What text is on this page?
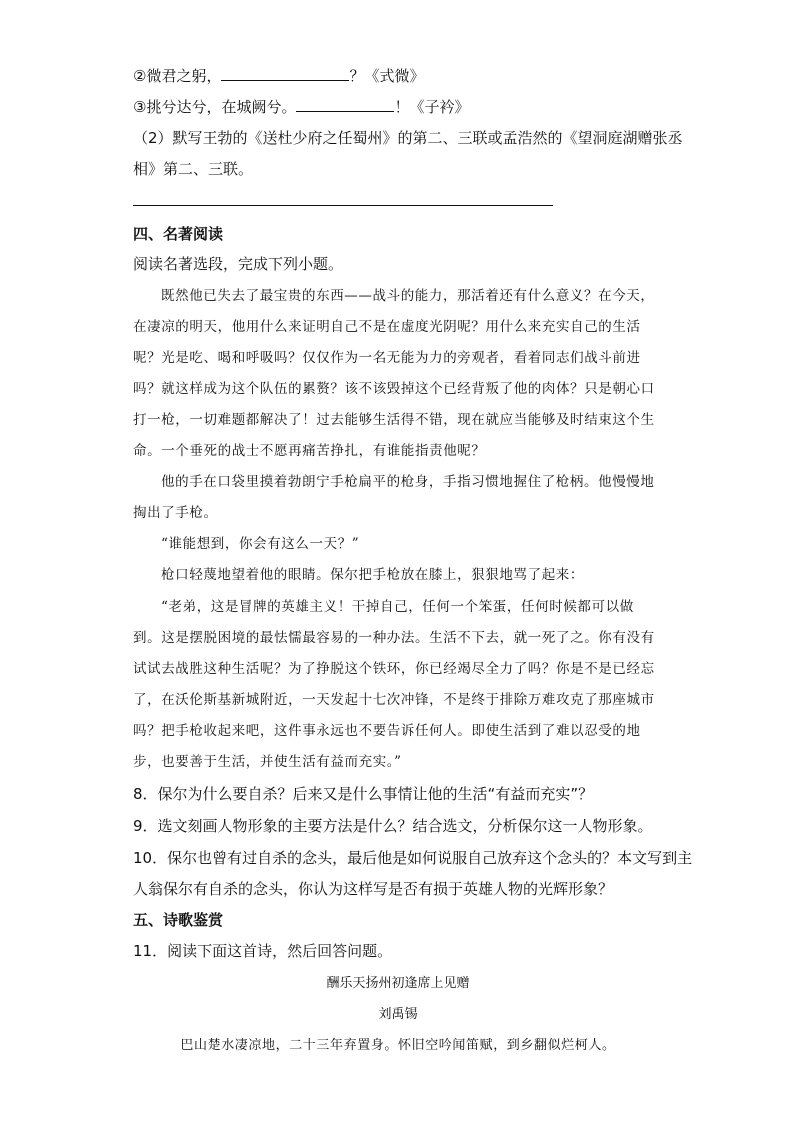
②微君之躬，	？《式微》
③挑兮达兮，在城阙兮。	！《子衿》
（2）默写王勃的《送杜少府之任蜀州》的第二、三联或孟浩然的《望洞庭湖赠张丞
相》第二、三联。
四、名著阅读
阅读名著选段，完成下列小题。
既然他已失去了最宝贵的东西——战斗的能力，那活着还有什么意义？在今天，
在凄凉的明天，他用什么来证明自己不是在虚度光阴呢？用什么来充实自己的生活
呢？光是吃、喝和呼吸吗？仅仅作为一名无能为力的旁观者，看着同志们战斗前进
吗？就这样成为这个队伍的累赘？该不该毁掉这个已经背叛了他的肉体？只是朝心口
打一枪，一切难题都解决了！过去能够生活得不错，现在就应当能够及时结束这个生
命。一个垂死的战士不愿再痛苦挣扎，有谁能指责他呢？
他的手在口袋里摸着勃朗宁手枪扁平的枪身，手指习惯地握住了枪柄。他慢慢地
掏出了手枪。
“谁能想到，你会有这么一天？”
枪口轻蔑地望着他的眼睛。保尔把手枪放在膝上，狠狠地骂了起来：
“老弟，这是冒牌的英雄主义！干掉自己，任何一个笨蛋，任何时候都可以做
到。这是摆脱困境的最怯懦最容易的一种办法。生活不下去，就一死了之。你有没有
试试去战胜这种生活呢？为了挣脱这个铁环，你已经竭尽全力了吗？你是不是已经忘
了，在沃伦斯基新城附近，一天发起十七次冲锋，不是终于排除万难攻克了那座城市
吗？把手枪收起来吧，这件事永远也不要告诉任何人。即使生活到了难以忍受的地
步，也要善于生活，并使生活有益而充实。”
8．保尔为什么要自杀？后来又是什么事情让他的生活“有益而充实”？
9．选文刻画人物形象的主要方法是什么？结合选文，分析保尔这一人物形象。
10．保尔也曾有过自杀的念头，最后他是如何说服自己放弃这个念头的？本文写到主
人翁保尔有自杀的念头，你认为这样写是否有损于英雄人物的光辉形象？
五、诗歌鉴赏
11．阅读下面这首诗，然后回答问题。
酬乐天扬州初逢席上见赠
刘禹锡
巴山楚水凄凉地，二十三年弃置身。怀旧空吟闻笛赋，到乡翻似烂柯人。
